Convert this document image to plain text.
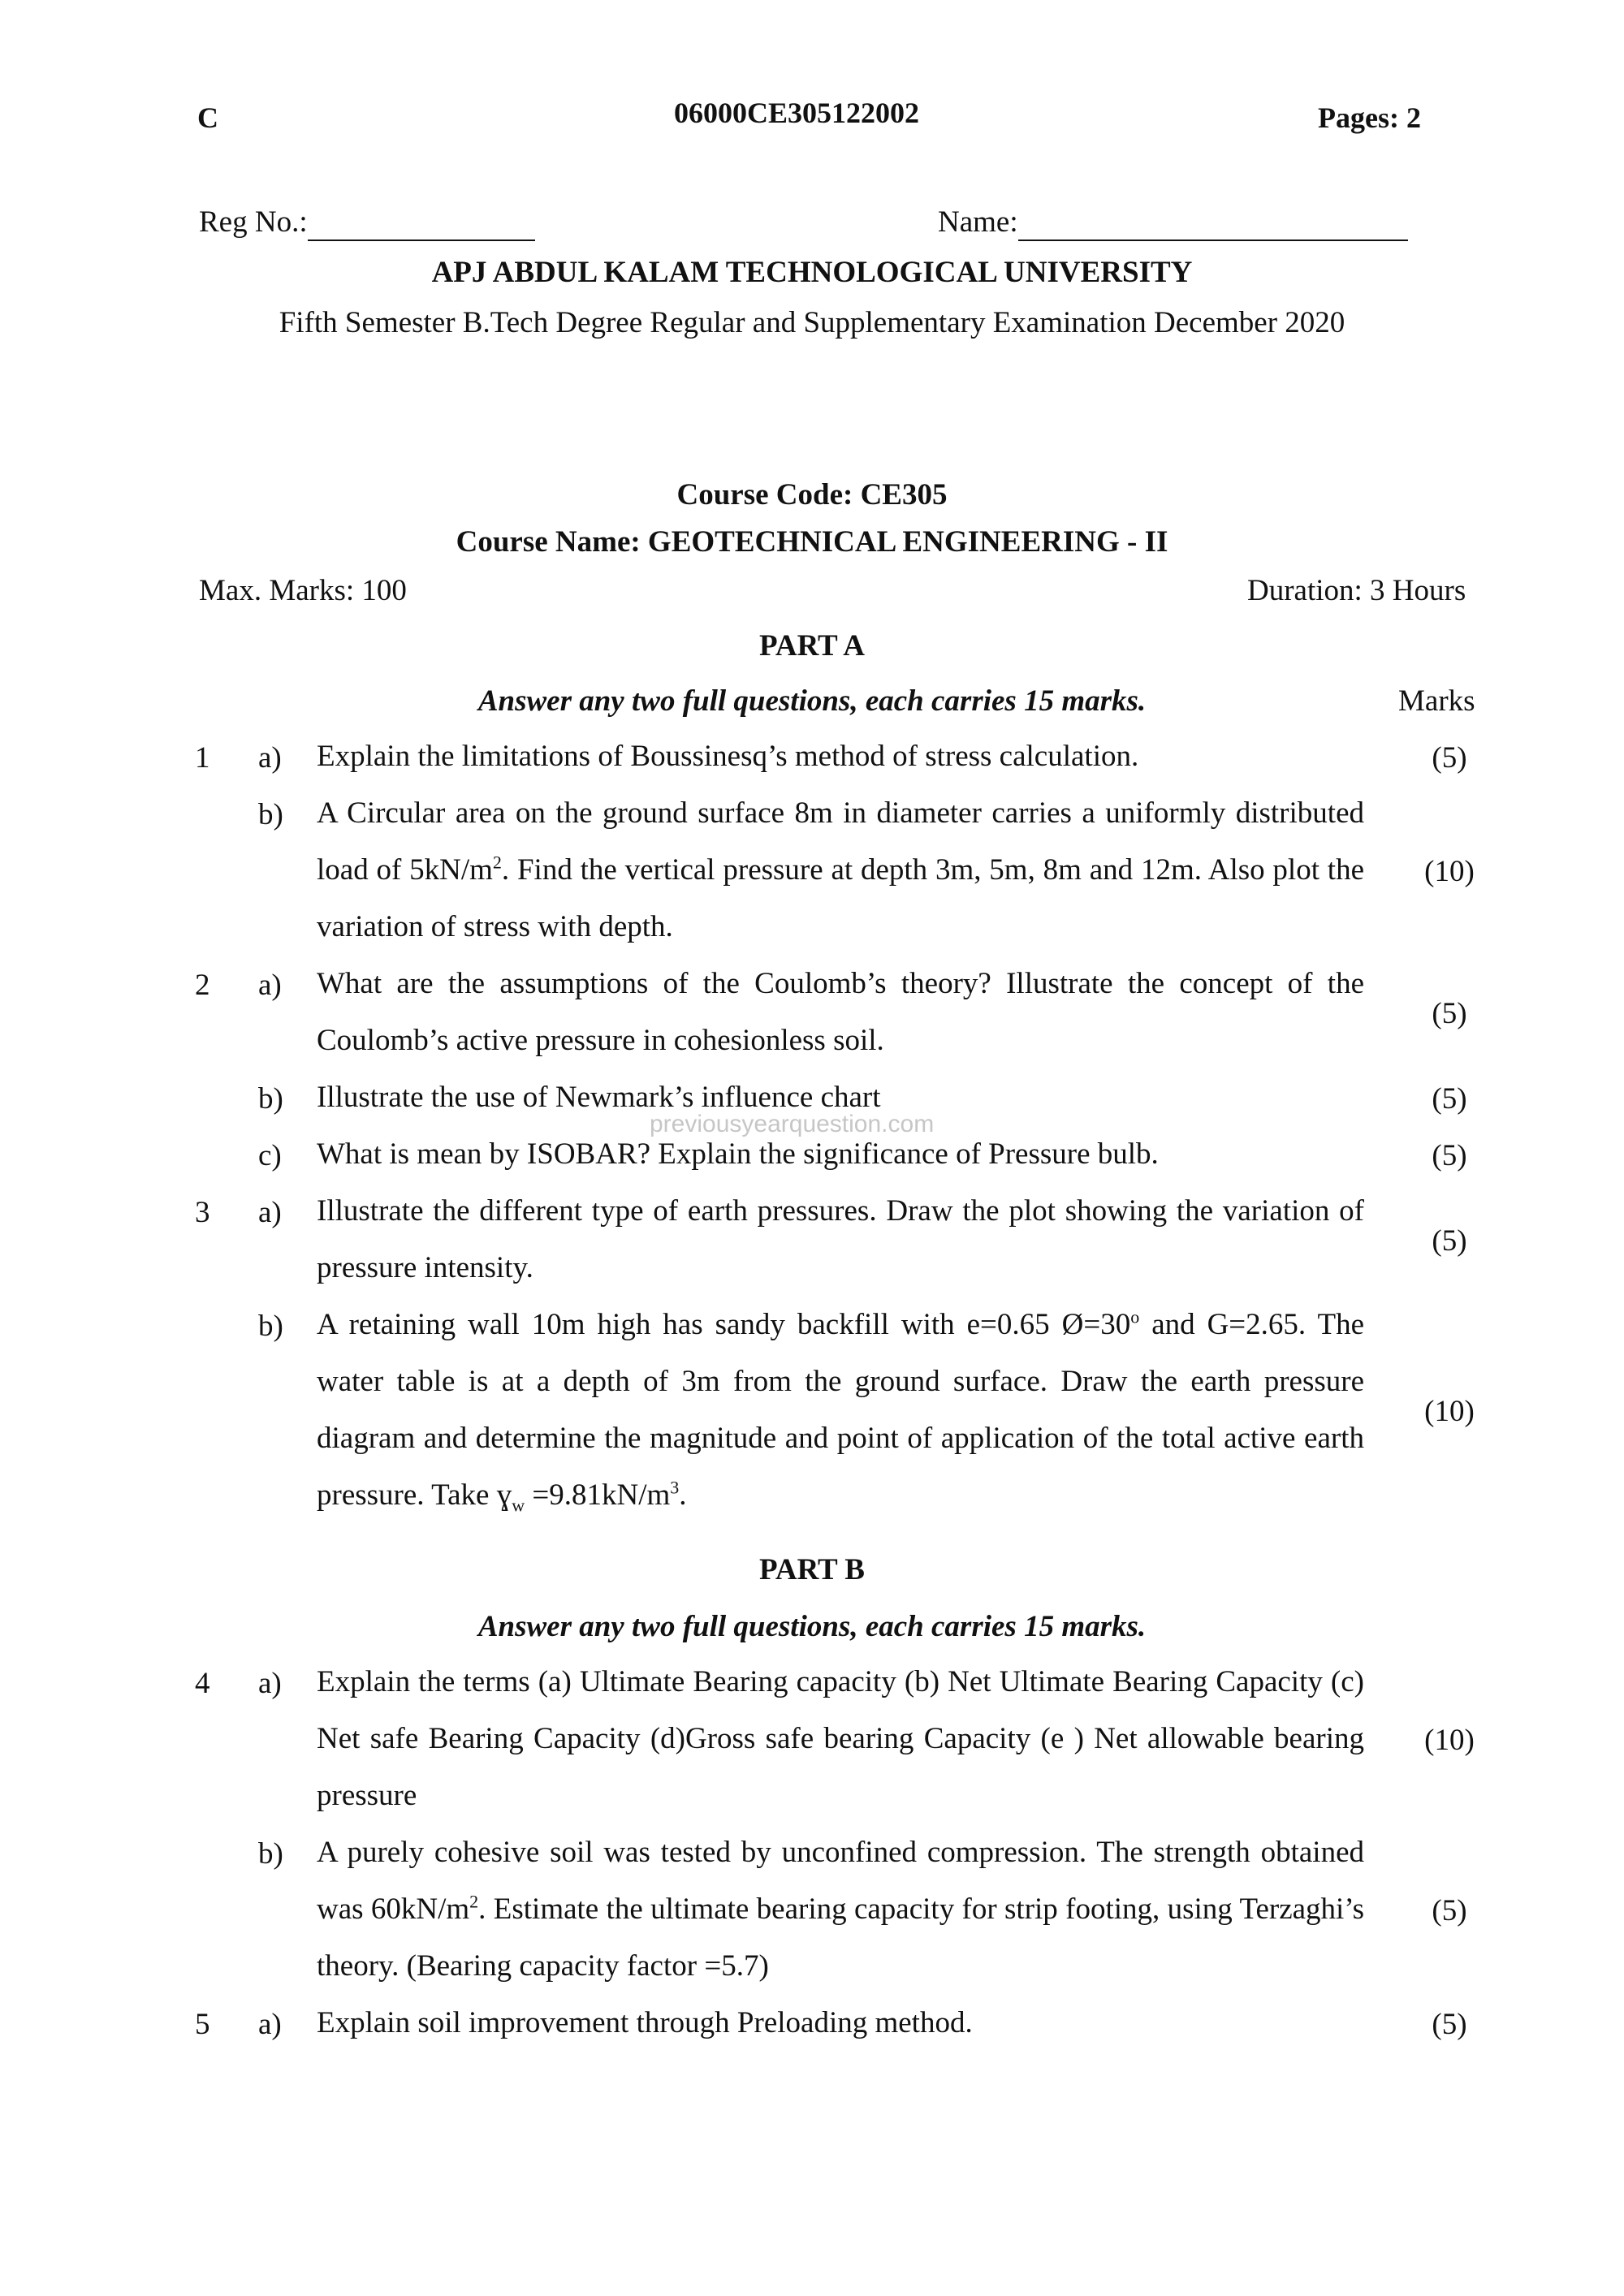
C	06000CE305122002	Pages: 2
Reg No.:	Name:
APJ ABDUL KALAM TECHNOLOGICAL UNIVERSITY
Fifth Semester B.Tech Degree Regular and Supplementary Examination December 2020
Course Code: CE305
Course Name: GEOTECHNICAL ENGINEERING - II
Max. Marks: 100	Duration: 3 Hours
PART A
Answer any two full questions, each carries 15 marks.	Marks
1 a) Explain the limitations of Boussinesq’s method of stress calculation.	(5)
b) A Circular area on the ground surface 8m in diameter carries a uniformly distributed load of $5kN/m^2$. Find the vertical pressure at depth 3m, 5m, 8m and 12m. Also plot the variation of stress with depth.
(10)
2 a) What are the assumptions of the Coulomb’s theory? Illustrate the concept of the Coulomb’s active pressure in cohesionless soil.
(5)
b) Illustrate the use of Newmark’s influence chart	(5)
c) What is mean by ISOBAR? Explain the significance of Pressure bulb.	(5)
previousyearquestion.com
3 a) Illustrate the different type of earth pressures. Draw the plot showing the variation of pressure intensity.
(5)
b) A retaining wall 10m high has sandy backfill with e=0.65 $Ø=30^o$ and G=2.65. The water table is at a depth of 3m from the ground surface. Draw the earth pressure diagram and determine the magnitude and point of application of the total active earth pressure. Take ɣ$_w$ $=9.81kN/m^3$.
(10)
PART B
Answer any two full questions, each carries 15 marks.
4 a) Explain the terms (a) Ultimate Bearing capacity (b) Net Ultimate Bearing Capacity (c) Net safe Bearing Capacity (d)Gross safe bearing Capacity (e ) Net allowable bearing pressure
(10)
b) A purely cohesive soil was tested by unconfined compression. The strength obtained was $60kN/m^2$. Estimate the ultimate bearing capacity for strip footing, using Terzaghi’s theory. (Bearing capacity factor =5.7)
(5)
5 a) Explain soil improvement through Preloading method.	(5)
